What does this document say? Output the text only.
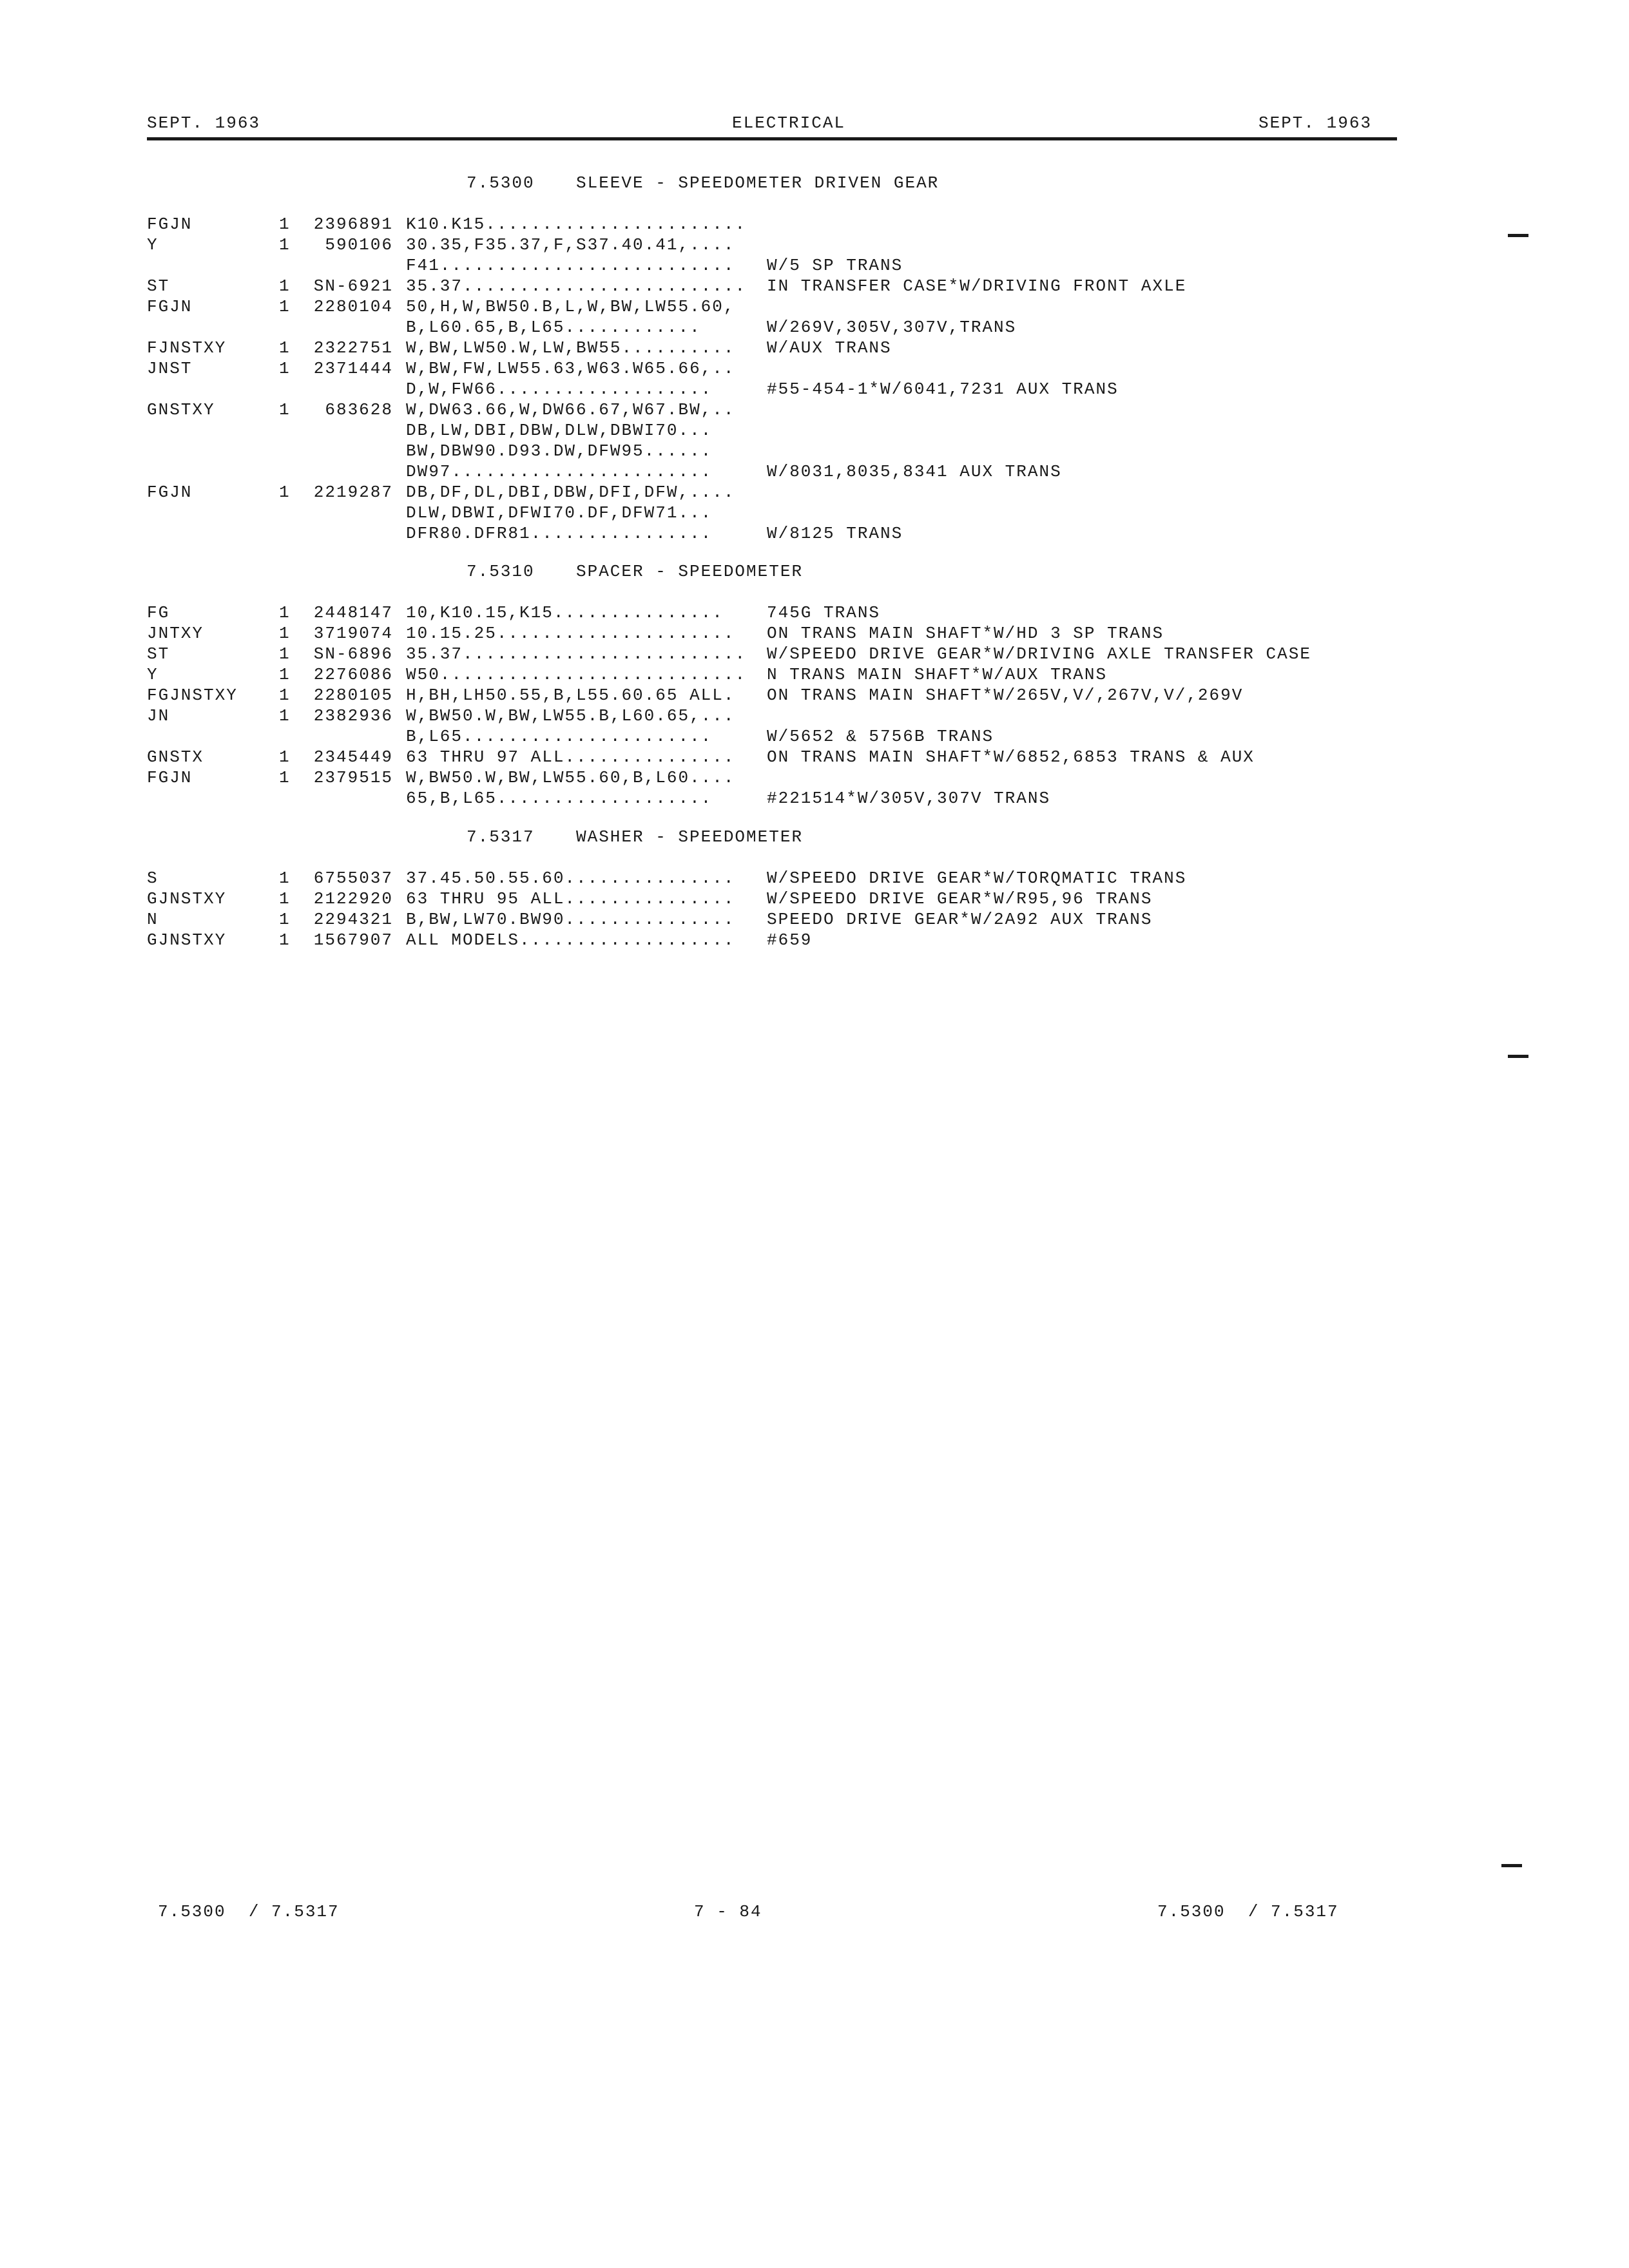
SEPT. 1963	ELECTRICAL	SEPT. 1963
7.5300 SLEEVE - SPEEDOMETER DRIVEN GEAR
FGJN	1	2396891 K10.K15.......................
Y	1	590106 30.35,F35.37,F,S37.40.41,....
F41.......................... W/5 SP TRANS
ST	1	SN-6921 35.37......................... IN TRANSFER CASE*W/DRIVING FRONT AXLE
FGJN	1	2280104 50,H,W,BW50.B,L,W,BW,LW55.60,
B,L60.65,B,L65............	W/269V,305V,307V,TRANS
FJNSTXY	1	2322751 W,BW,LW50.W,LW,BW55.......... W/AUX TRANS
JNST	1	2371444 W,BW,FW,LW55.63,W63.W65.66,..
D,W,FW66...................	#55-454-1*W/6041,7231 AUX TRANS
GNSTXY	1	683628 W,DW63.66,W,DW66.67,W67.BW,..
DB,LW,DBI,DBW,DLW,DBWI70...
BW,DBW90.D93.DW,DFW95......
DW97.......................	W/8031,8035,8341 AUX TRANS
FGJN	1	2219287 DB,DF,DL,DBI,DBW,DFI,DFW,....
DLW,DBWI,DFWI70.DF,DFW71...
DFR80.DFR81................	W/8125 TRANS
7.5310 SPACER - SPEEDOMETER
FG	1	2448147 10,K10.15,K15...............	745G TRANS
JNTXY	1	3719074 10.15.25..................... ON TRANS MAIN SHAFT*W/HD 3 SP TRANS
ST	1	SN-6896 35.37......................... W/SPEEDO DRIVE GEAR*W/DRIVING AXLE TRANSFER CASE
Y	1	2276086 W50........................... N TRANS MAIN SHAFT*W/AUX TRANS
FGJNSTXY 1	2280105 H,BH,LH50.55,B,L55.60.65 ALL. ON TRANS MAIN SHAFT*W/265V,V/,267V,V/,269V
JN	1	2382936 W,BW50.W,BW,LW55.B,L60.65,...
B,L65......................	W/5652 & 5756B TRANS
GNSTX	1	2345449 63 THRU 97 ALL............... ON TRANS MAIN SHAFT*W/6852,6853 TRANS & AUX
FGJN	1	2379515 W,BW50.W,BW,LW55.60,B,L60....
65,B,L65...................	#221514*W/305V,307V TRANS
7.5317 WASHER - SPEEDOMETER
S	1	6755037 37.45.50.55.60............... W/SPEEDO DRIVE GEAR*W/TORQMATIC TRANS
GJNSTXY	1	2122920 63 THRU 95 ALL............... W/SPEEDO DRIVE GEAR*W/R95,96 TRANS
N	1	2294321 B,BW,LW70.BW90............... SPEEDO DRIVE GEAR*W/2A92 AUX TRANS
GJNSTXY	1	1567907 ALL MODELS................... #659
7.5300  / 7.5317	7 - 84	7.5300  / 7.5317
